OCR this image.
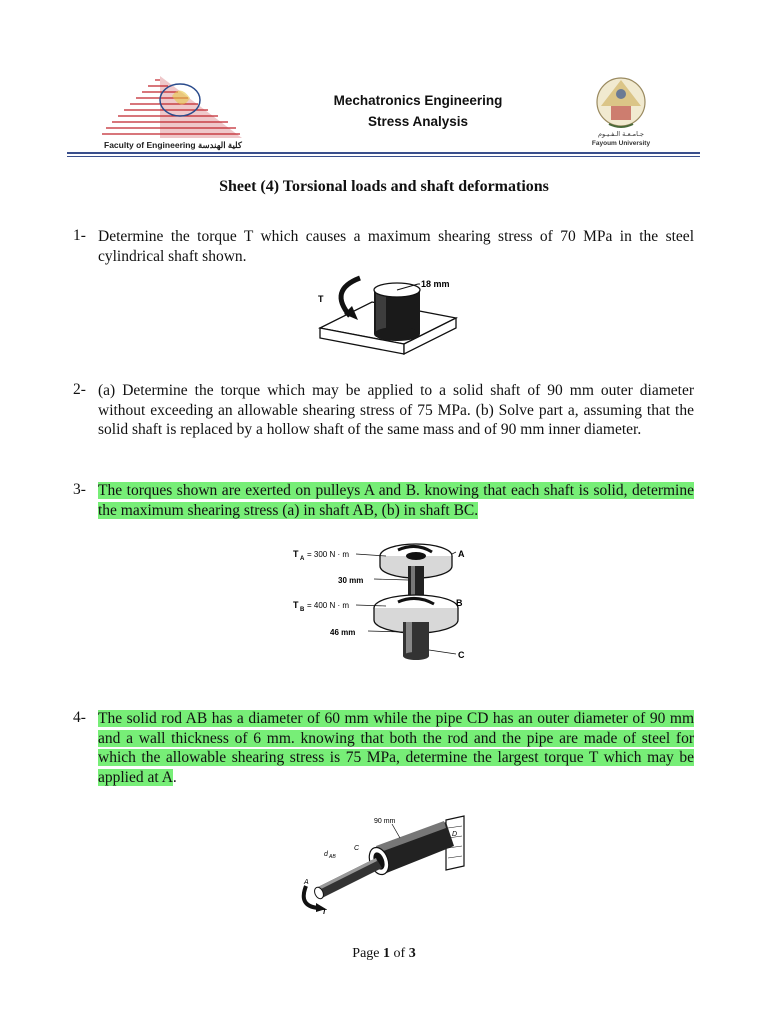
Faculty of Engineering كلية الهندسة
Mechatronics Engineering
Stress Analysis
جـامـعـة الـفـيـوم
Fayoum University
Sheet (4) Torsional loads and shaft deformations
1- Determine the torque T which causes a maximum shearing stress of 70 MPa in the steel cylindrical shaft shown.
T
18 mm
2- (a) Determine the torque which may be applied to a solid shaft of 90 mm outer diameter without exceeding an allowable shearing stress of 75 MPa. (b) Solve part a, assuming that the solid shaft is replaced by a hollow shaft of the same mass and of 90 mm inner diameter.
3- The torques shown are exerted on pulleys A and B. knowing that each shaft is solid, determine the maximum shearing stress (a) in shaft AB, (b) in shaft BC.
T A = 300 N · m
30 mm
T B = 400 N · m
46 mm
A
B
C
4- The solid rod AB has a diameter of 60 mm while the pipe CD has an outer diameter of 90 mm and a wall thickness of 6 mm. knowing that both the rod and the pipe are made of steel for which the allowable shearing stress is 75 MPa, determine the largest torque T which may be applied at A.
90 mm
d AB
C
D
A
T
Page 1 of 3
